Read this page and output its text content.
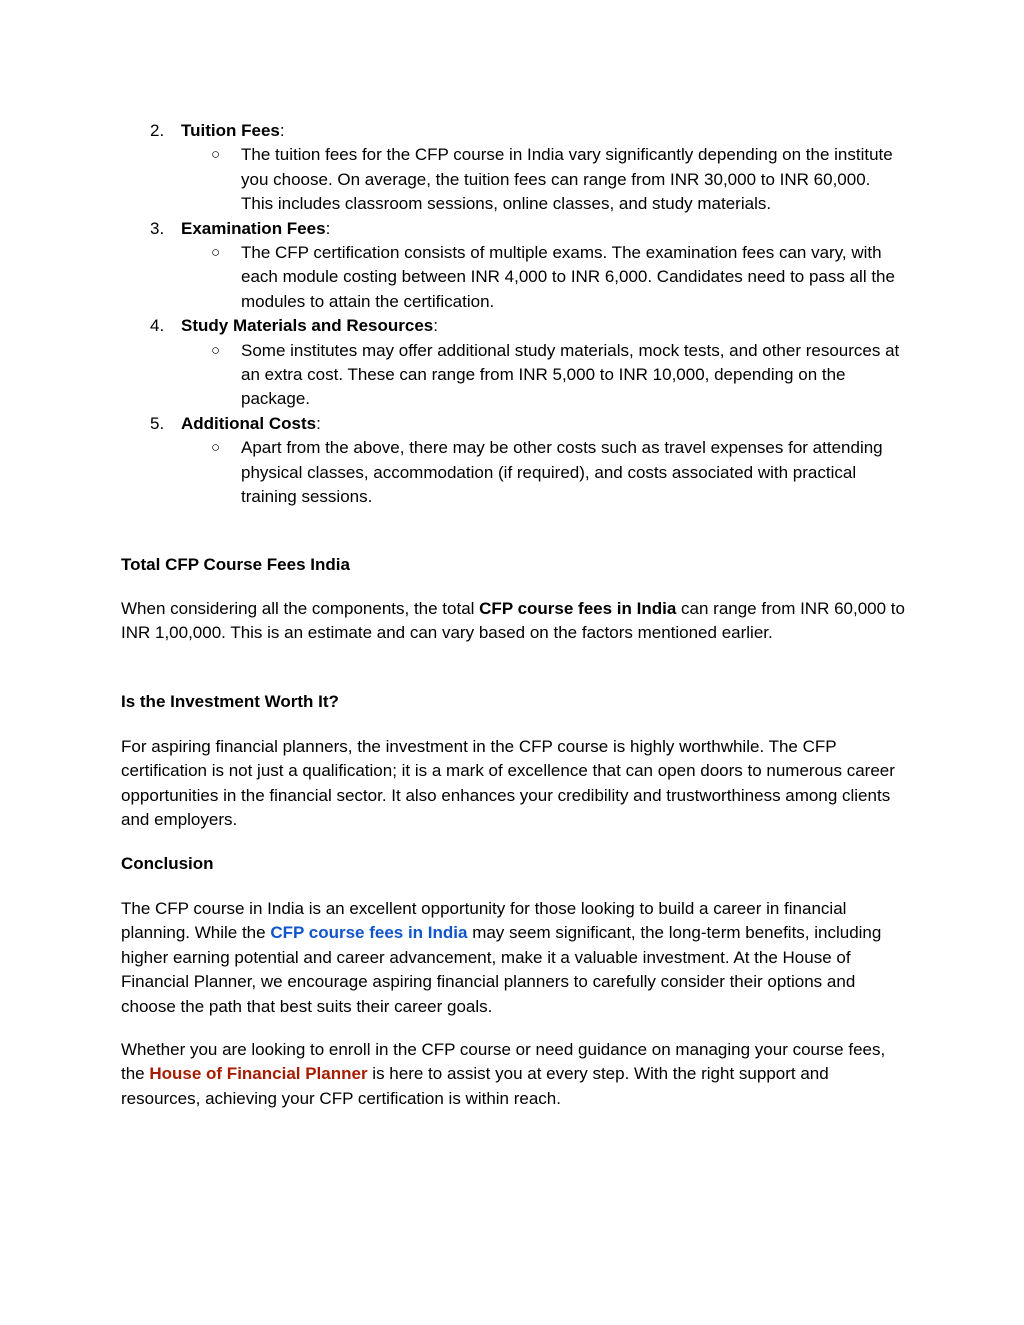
2. Tuition Fees:
○ The tuition fees for the CFP course in India vary significantly depending on the institute you choose. On average, the tuition fees can range from INR 30,000 to INR 60,000. This includes classroom sessions, online classes, and study materials.
3. Examination Fees:
○ The CFP certification consists of multiple exams. The examination fees can vary, with each module costing between INR 4,000 to INR 6,000. Candidates need to pass all the modules to attain the certification.
4. Study Materials and Resources:
○ Some institutes may offer additional study materials, mock tests, and other resources at an extra cost. These can range from INR 5,000 to INR 10,000, depending on the package.
5. Additional Costs:
○ Apart from the above, there may be other costs such as travel expenses for attending physical classes, accommodation (if required), and costs associated with practical training sessions.
Total CFP Course Fees India
When considering all the components, the total CFP course fees in India can range from INR 60,000 to INR 1,00,000. This is an estimate and can vary based on the factors mentioned earlier.
Is the Investment Worth It?
For aspiring financial planners, the investment in the CFP course is highly worthwhile. The CFP certification is not just a qualification; it is a mark of excellence that can open doors to numerous career opportunities in the financial sector. It also enhances your credibility and trustworthiness among clients and employers.
Conclusion
The CFP course in India is an excellent opportunity for those looking to build a career in financial planning. While the CFP course fees in India may seem significant, the long-term benefits, including higher earning potential and career advancement, make it a valuable investment. At the House of Financial Planner, we encourage aspiring financial planners to carefully consider their options and choose the path that best suits their career goals.
Whether you are looking to enroll in the CFP course or need guidance on managing your course fees, the House of Financial Planner is here to assist you at every step. With the right support and resources, achieving your CFP certification is within reach.
